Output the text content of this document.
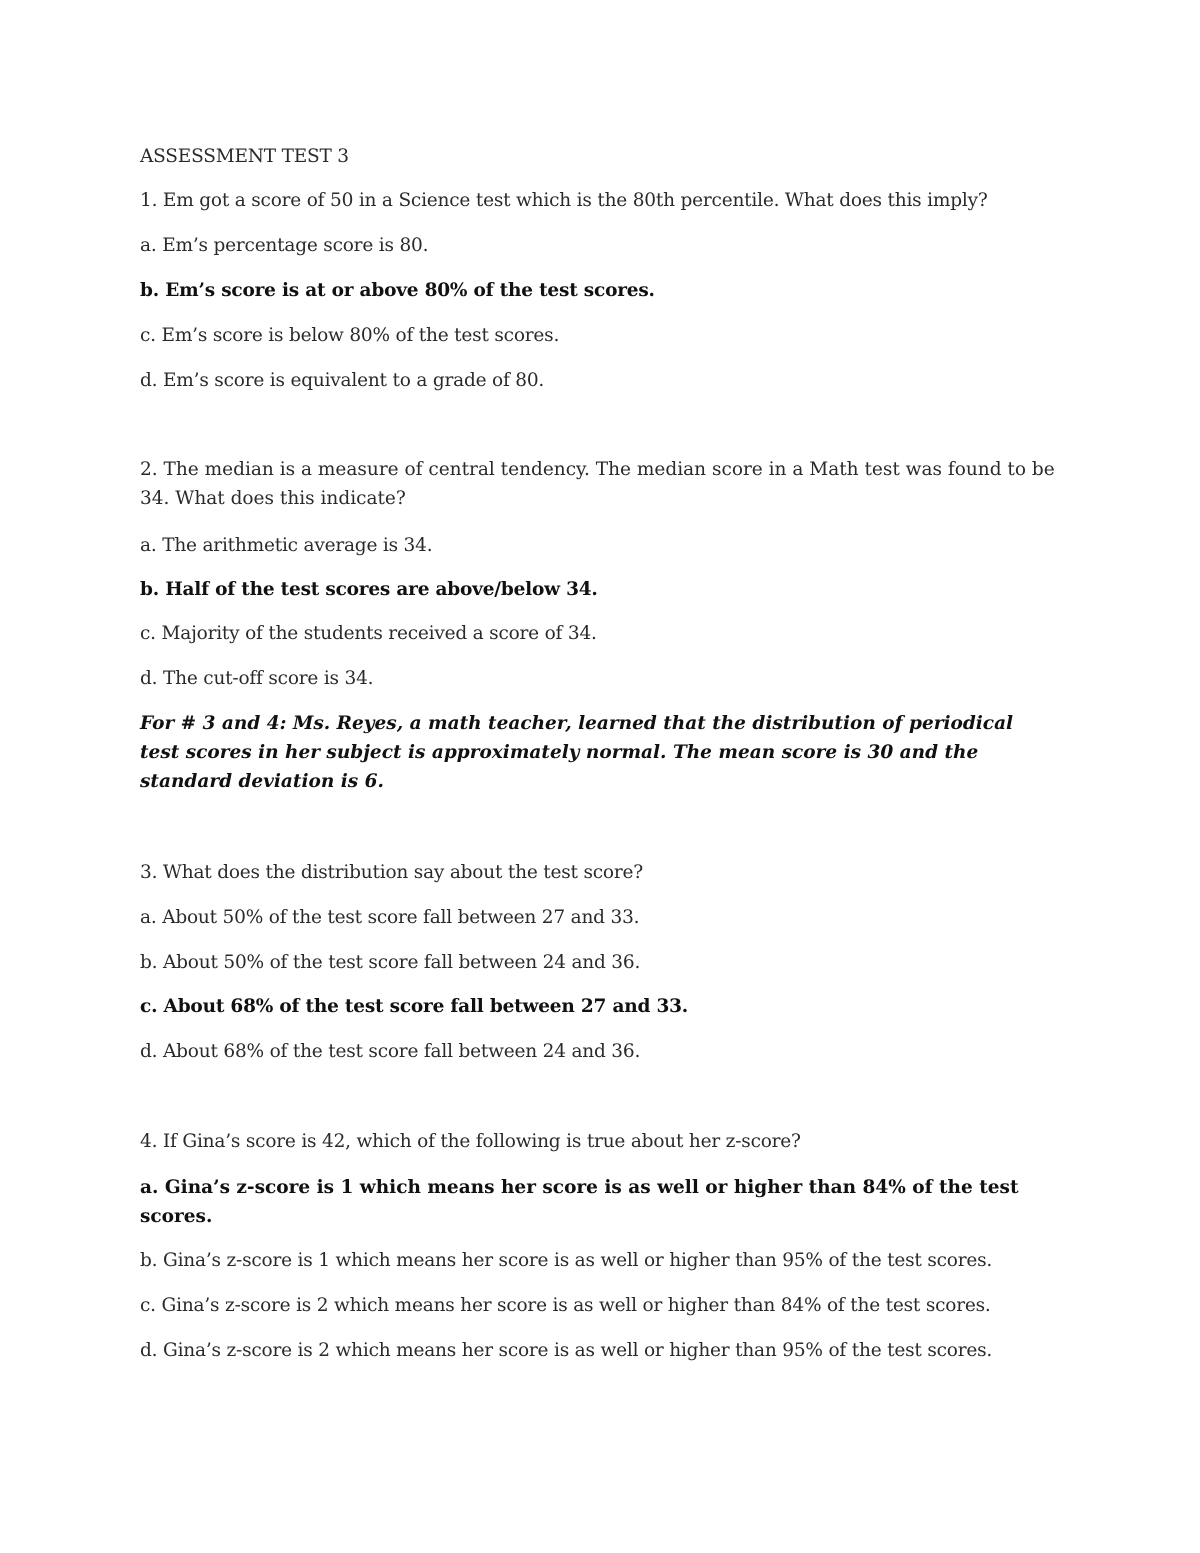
ASSESSMENT TEST 3
1. Em got a score of 50 in a Science test which is the 80th percentile. What does this imply?
a. Em’s percentage score is 80.
b. Em’s score is at or above 80% of the test scores.
c. Em’s score is below 80% of the test scores.
d. Em’s score is equivalent to a grade of 80.
2. The median is a measure of central tendency. The median score in a Math test was found to be 34. What does this indicate?
a. The arithmetic average is 34.
b. Half of the test scores are above/below 34.
c. Majority of the students received a score of 34.
d. The cut-off score is 34.
For # 3 and 4: Ms. Reyes, a math teacher, learned that the distribution of periodical test scores in her subject is approximately normal. The mean score is 30 and the standard deviation is 6.
3. What does the distribution say about the test score?
a. About 50% of the test score fall between 27 and 33.
b. About 50% of the test score fall between 24 and 36.
c. About 68% of the test score fall between 27 and 33.
d. About 68% of the test score fall between 24 and 36.
4. If Gina’s score is 42, which of the following is true about her z-score?
a. Gina’s z-score is 1 which means her score is as well or higher than 84% of the test scores.
b. Gina’s z-score is 1 which means her score is as well or higher than 95% of the test scores.
c. Gina’s z-score is 2 which means her score is as well or higher than 84% of the test scores.
d. Gina’s z-score is 2 which means her score is as well or higher than 95% of the test scores.
